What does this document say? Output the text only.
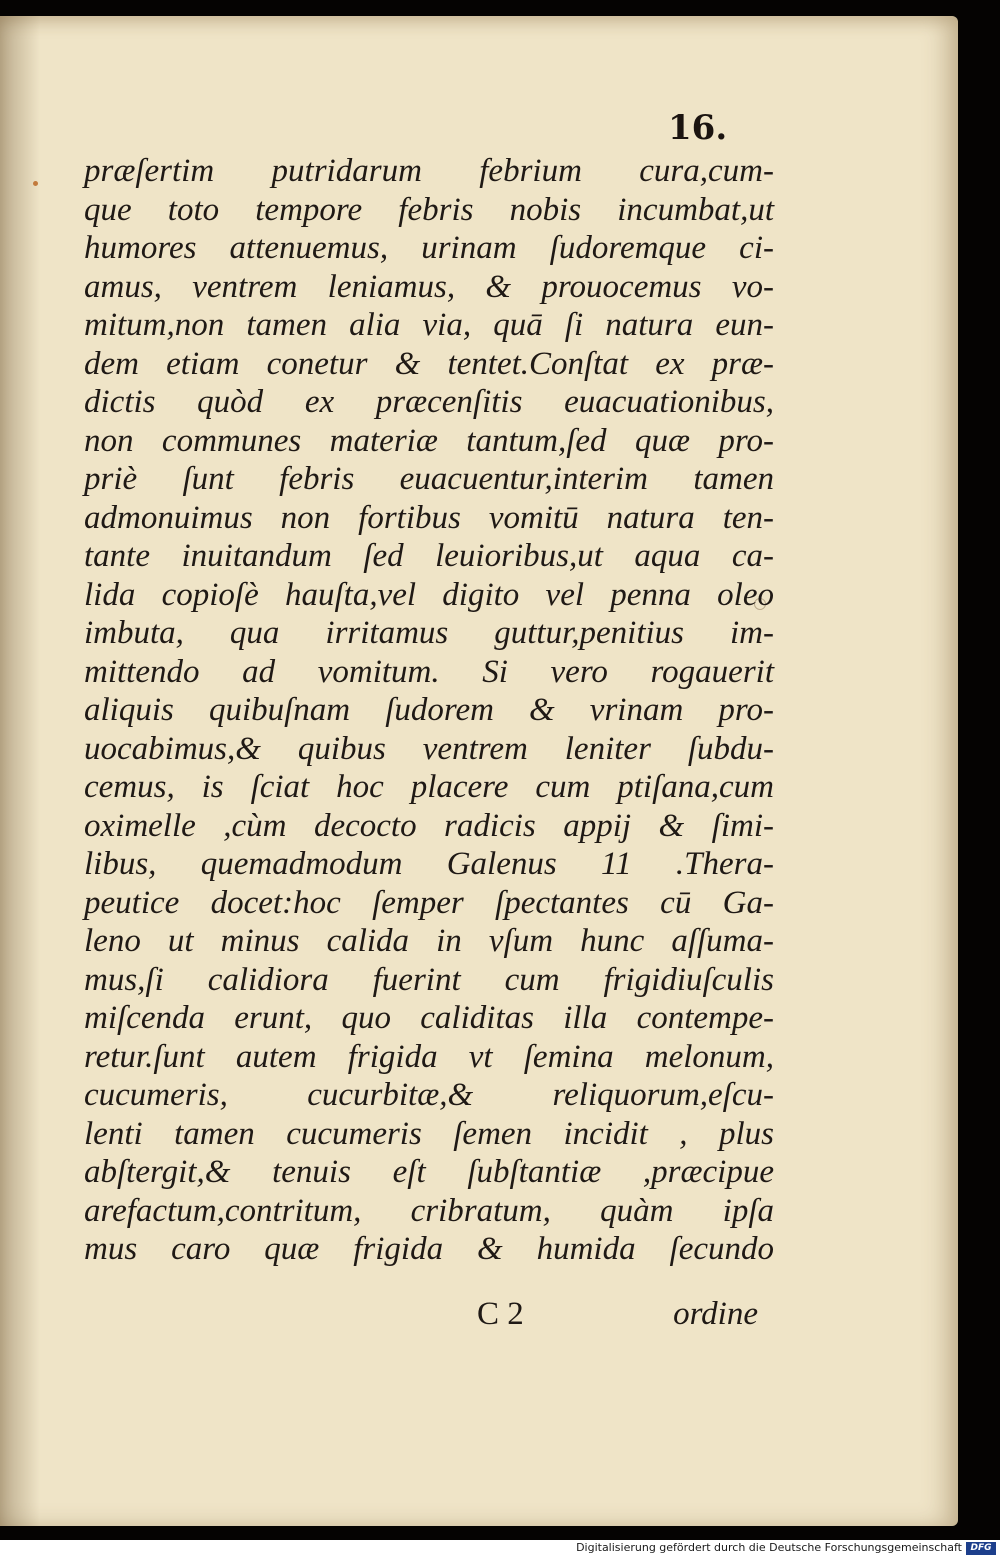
16.
præſertim putridarum febrium cura,cum-
que toto tempore febris nobis incumbat,ut
humores attenuemus, urinam ſudoremque ci-
amus, ventrem leniamus, & prouocemus vo-
mitum,non tamen alia via, quā ſi natura eun-
dem etiam conetur & tentet.Conſtat ex præ-
dictis quòd ex præcenſitis euacuationibus,
non communes materiæ tantum,ſed quæ pro-
priè ſunt febris euacuentur,interim tamen
admonuimus non fortibus vomitū natura ten-
tante inuitandum ſed leuioribus,ut aqua ca-
lida copioſè hauſta,vel digito vel penna oleo
imbuta, qua irritamus guttur,penitius im-
mittendo ad vomitum. Si vero rogauerit
aliquis quibuſnam ſudorem & vrinam pro-
uocabimus,& quibus ventrem leniter ſubdu-
cemus, is ſciat hoc placere cum ptiſana,cum
oximelle ,cùm decocto radicis appij & ſimi-
libus, quemadmodum Galenus 11 .Thera-
peutice docet:hoc ſemper ſpectantes cū Ga-
leno ut minus calida in vſum hunc aſſuma-
mus,ſi calidiora fuerint cum frigidiuſculis
miſcenda erunt, quo caliditas illa contempe-
retur.ſunt autem frigida vt ſemina melonum,
cucumeris, cucurbitæ,& reliquorum,eſcu-
lenti tamen cucumeris ſemen incidit , plus
abſtergit,& tenuis eſt ſubſtantiæ ,præcipue
arefactum,contritum, cribratum, quàm ipſa
mus caro quæ frigida & humida ſecundo
C 2	ordine
Digitalisierung gefördert durch die Deutsche Forschungsgemeinschaft DFG
